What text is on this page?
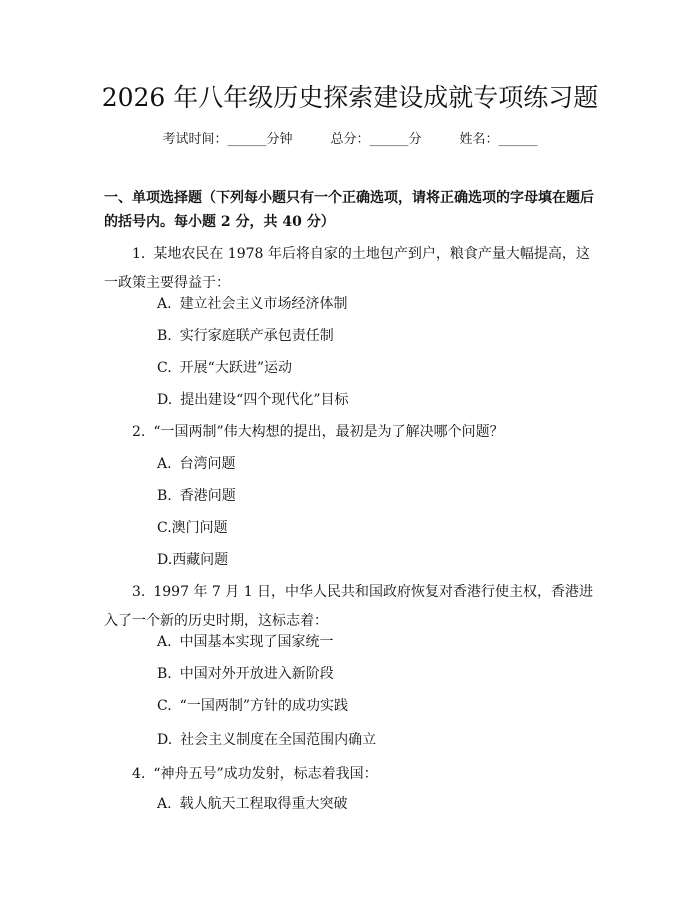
2026 年八年级历史探索建设成就专项练习题
考试时间：______分钟	总分：______分	姓名：______
一、单项选择题（下列每小题只有一个正确选项，请将正确选项的字母填在题后的括号内。每小题 2 分，共 40 分）
1. 某地农民在 1978 年后将自家的土地包产到户，粮食产量大幅提高，这一政策主要得益于：
A. 建立社会主义市场经济体制
B. 实行家庭联产承包责任制
C. 开展“大跃进”运动
D. 提出建设“四个现代化”目标
2. “一国两制”伟大构想的提出，最初是为了解决哪个问题？
A. 台湾问题
B. 香港问题
C.澳门问题
D.西藏问题
3. 1997 年 7 月 1 日，中华人民共和国政府恢复对香港行使主权，香港进入了一个新的历史时期，这标志着：
A. 中国基本实现了国家统一
B. 中国对外开放进入新阶段
C. “一国两制”方针的成功实践
D. 社会主义制度在全国范围内确立
4. “神舟五号”成功发射，标志着我国：
A. 载人航天工程取得重大突破
